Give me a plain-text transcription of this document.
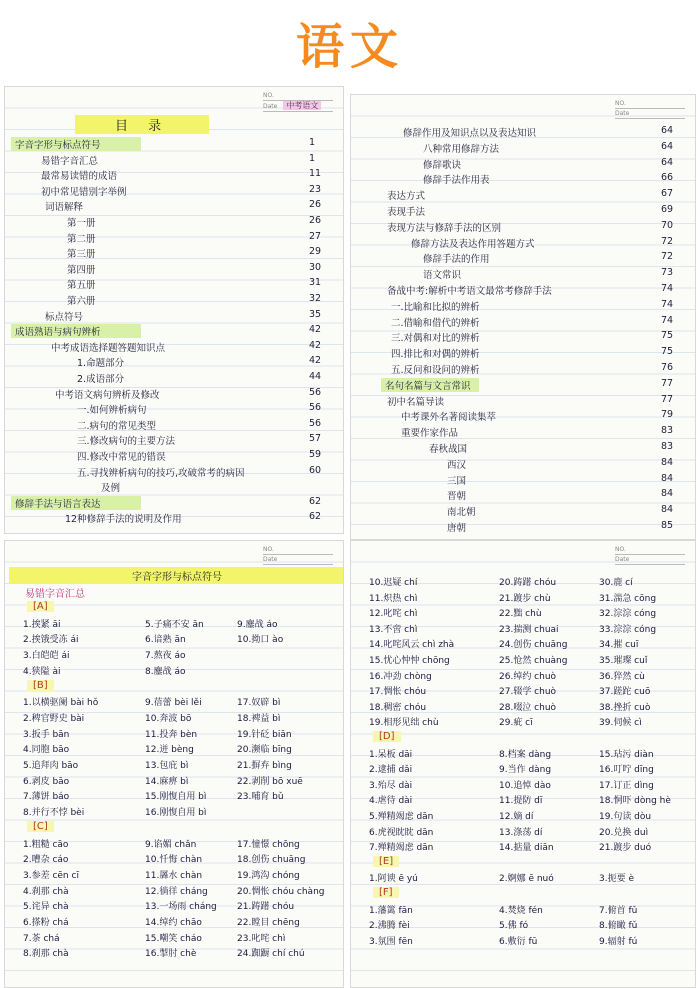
语文
NO.
Date 中考语文
目 录
字音字形与标点符号	1
易错字音汇总	1
最常易读错的成语	11
初中常见错别字举例	23
词语解释	26
第一册	26
第二册	27
第三册	29
第四册	30
第五册	31
第六册	32
标点符号	35
成语熟语与病句辨析	42
中考成语选择题答题知识点	42
1.命题部分	42
2.成语部分	44
中考语文病句辨析及修改	56
一.如何辨析病句	56
二.病句的常见类型	56
三.修改病句的主要方法	57
四.修改中常见的错误	59
五.寻找辨析病句的技巧,攻破常考的病因	60
及例
修辞手法与语言表达	62
12种修辞手法的说明及作用	62
NO.
Date
修辞作用及知识点以及表达知识	64
八种常用修辞方法	64
修辞歌诀	64
修辞手法作用表	66
表达方式	67
表现手法	69
表现方法与修辞手法的区别	70
修辞方法及表达作用答题方式	72
修辞手法的作用	72
语文常识	73
备战中考:解析中考语文最常考修辞手法	74
一.比喻和比拟的辨析	74
二.借喻和借代的辨析	74
三.对偶和对比的辨析	75
四.排比和对偶的辨析	75
五.反问和设问的辨析	76
名句名篇与文言常识	77
初中名篇导读	77
中考课外名著阅读集萃	79
重要作家作品	83
春秋战国	83
西汉	84
三国	84
晋朝	84
南北朝	84
唐朝	85
NO.
Date
字音字形与标点符号
易错字音汇总
[A]
1.挨紧 āi	5.子痛不安 ān	9.鏖战 áo
2.挨饿受冻 ái	6.谙熟 ān	10.拗口 ào
3.白皑皑 ái	7.熬夜 áo
4.狭隘 ài	8.鏖战 áo
[B]
1.以横驱阑 bài hǒ	9.蓓蕾 bèi lěi	17.奴辟 bì
2.稗官野史 bài	10.奔波 bō	18.裨益 bì
3.扳手 bān	11.投奔 bèn	19.针砭 biān
4.同胞 bāo	12.迸 bèng	20.濒临 bīng
5.追拜肉 bāo	13.包庇 bì	21.摒弃 bìng
6.剥皮 bāo	14.麻痹 bì	22.剥削 bō xuē
7.薄饼 báo	15.刚愎自用 bì	23.哺育 bǔ
8.并行不悖 bèi	16.刚愎自用 bì
[C]
1.粗糙 cāo	9.谄媚 chǎn	17.憧憬 chōng
2.嘈杂 cáo	10.忏悔 chàn	18.创伤 chuāng
3.参差 cēn cī	11.羼水 chàn	19.鸿沟 chóng
4.刹那 chà	12.徜徉 cháng	20.惆怅 chóu chàng
5.诧异 chà	13.一场雨 cháng 21.踌躇 chóu
6.搽粉 chá	14.绰约 chāo	22.瞠目 chēng
7.茶 chá	15.嘲笑 cháo	23.叱咤 chì
8.刹那 chà	16.掣肘 chè	24.踟蹰 chí chú
NO.
Date
10.迟疑 chí	20.踌躇 chóu	30.鹿 cí
11.炽热 chì	21.踱步 chù	31.湍急 cōng
12.叱咤 chì	22.黜 chù	32.淙淙 cóng
13.不啻 chì	23.揣测 chuai	33.淙淙 cóng
14.叱咤风云 chì zhà	24.创伤 chuāng	34.摧 cuī
15.忧心忡忡 chōng	25.怆然 chuàng	35.璀璨 cuǐ
16.冲劲 chòng	26.绰约 chuò	36.猝然 cù
17.惆怅 chóu	27.辍学 chuò	37.蹉跎 cuō
18.稠密 chóu	28.啜泣 chuò	38.挫折 cuò
19.相形见绌 chù	29.疵 cī	39.伺候 cì
[D]
1.呆板 dāi	8.档案 dàng	15.玷污 diàn
2.逮捕 dǎi	9.当作 dàng	16.叮咛 dīng
3.殆尽 dài	10.追悼 dào	17.订正 dìng
4.虐待 dài	11.提防 dī	18.恫吓 dòng hè
5.殚精竭虑 dān	12.嫡 dí	19.句读 dòu
6.虎视眈眈 dān	13.涤荡 dí	20.兑换 duì
7.殚精竭虑 dān	14.掂量 diān	21.踱步 duó
[E]
1.阿谀 ē yú	2.婀娜 ē nuó	3.扼要 è
[F]
1.藩篱 fān	4.焚烧 fén	7.俯首 fǔ
2.沸腾 fèi	5.佛 fó	8.俯瞰 fǔ
3.氛围 fēn	6.敷衍 fū	9.辐射 fú
